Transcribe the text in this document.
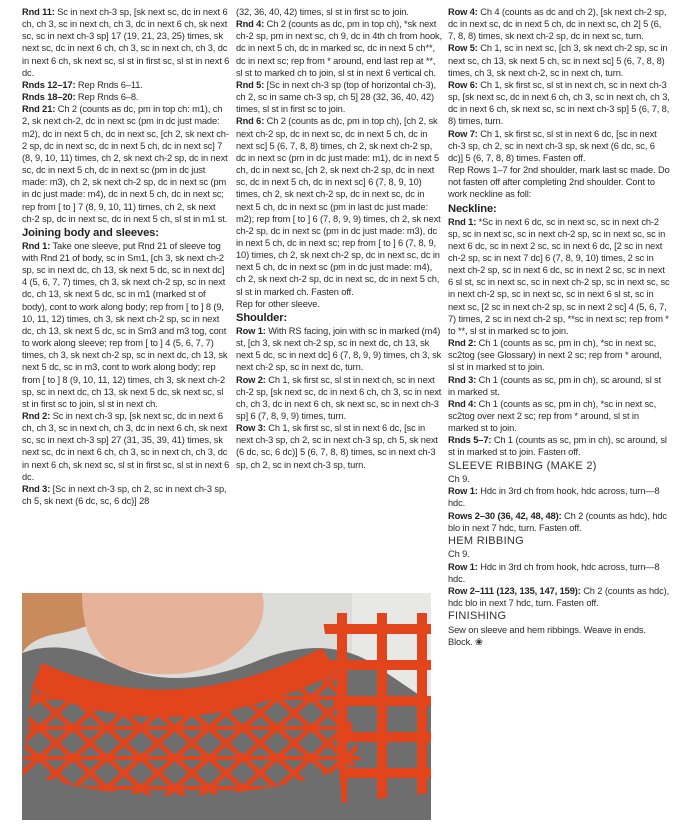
Rnd 11: Sc in next ch-3 sp, [sk next sc, dc in next 6 ch, ch 3, sc in next ch, ch 3, dc in next 6 ch, sk next sc, sc in next ch-3 sp] 17 (19, 21, 23, 25) times, sk next sc, dc in next 6 ch, ch 3, sc in next ch, ch 3, dc in next 6 ch, sk next sc, sl st in first sc, sl st in next 6 dc.

Rnds 12–17: Rep Rnds 6–11.

Rnds 18–20: Rep Rnds 6–8.

Rnd 21: Ch 2 (counts as dc, pm in top ch: m1), ch 2, sk next ch-2, dc in next sc (pm in dc just made: m2), dc in next 5 ch, dc in next sc, [ch 2, sk next ch-2 sp, dc in next sc, dc in next 5 ch, dc in next sc] 7 (8, 9, 10, 11) times, ch 2, sk next ch-2 sp, dc in next sc, dc in next 5 ch, dc in next sc (pm in dc just made: m3), ch 2, sk next ch-2 sp, dc in next sc (pm in dc just made: m4), dc in next 5 ch, dc in next sc; rep from [ to ] 7 (8, 9, 10, 11) times, ch 2, sk next ch-2 sp, dc in next sc, dc in next 5 ch, sl st in m1 st.

Joining body and sleeves:

Rnd 1: Take one sleeve, put Rnd 21 of sleeve tog with Rnd 21 of body, sc in Sm1, [ch 3, sk next ch-2 sp, sc in next dc, ch 13, sk next 5 dc, sc in next dc] 4 (5, 6, 7, 7) times, ch 3, sk next ch-2 sp, sc in next dc, ch 13, sk next 5 dc, sc in m1 (marked st of body), cont to work along body; rep from [ to ] 8 (9, 10, 11, 12) times, ch 3, sk next ch-2 sp, sc in next dc, ch 13, sk next 5 dc, sc in Sm3 and m3 tog, cont to work along sleeve; rep from [ to ] 4 (5, 6, 7, 7) times, ch 3, sk next ch-2 sp, sc in next dc, ch 13, sk next 5 dc, sc in m3, cont to work along body; rep from [ to ] 8 (9, 10, 11, 12) times, ch 3, sk next ch-2 sp, sc in next dc, ch 13, sk next 5 dc, sk next sc, sl st in first sc to join, sl st in next ch.

Rnd 2: Sc in next ch-3 sp, [sk next sc, dc in next 6 ch, ch 3, sc in next ch, ch 3, dc in next 6 ch, sk next sc, sc in next ch-3 sp] 27 (31, 35, 39, 41) times, sk next sc, dc in next 6 ch, ch 3, sc in next ch, ch 3, dc in next 6 ch, sk next sc, sl st in first sc, sl st in next 6 dc.

Rnd 3: [Sc in next ch-3 sp, ch 2, sc in next ch-3 sp, ch 5, sk next (6 dc, sc, 6 dc)] 28

(32, 36, 40, 42) times, sl st in first sc to join.

Rnd 4: Ch 2 (counts as dc, pm in top ch), *sk next ch-2 sp, pm in next sc, ch 9, dc in 4th ch from hook, dc in next 5 ch, dc in marked sc, dc in next 5 ch**, dc in next sc; rep from * around, end last rep at **, sl st to marked ch to join, sl st in next 6 vertical ch.

Rnd 5: [Sc in next ch-3 sp (top of horizontal ch-3), ch 2, sc in same ch-3 sp, ch 5] 28 (32, 36, 40, 42) times, sl st in first sc to join.

Rnd 6: Ch 2 (counts as dc, pm in top ch), [ch 2, sk next ch-2 sp, dc in next sc, dc in next 5 ch, dc in next sc] 5 (6, 7, 8, 8) times, ch 2, sk next ch-2 sp, dc in next sc (pm in dc just made: m1), dc in next 5 ch, dc in next sc, [ch 2, sk next ch-2 sp, dc in next sc, dc in next 5 ch, dc in next sc] 6 (7, 8, 9, 10) times, ch 2, sk next ch-2 sp, dc in next sc, dc in next 5 ch, dc in next sc (pm in last dc just made: m2); rep from [ to ] 6 (7, 8, 9, 9) times, ch 2, sk next ch-2 sp, dc in next sc (pm in dc just made: m3), dc in next 5 ch, dc in next sc; rep from [ to ] 6 (7, 8, 9, 10) times, ch 2, sk next ch-2 sp, dc in next sc, dc in next 5 ch, dc in next sc (pm in dc just made: m4), ch 2, sk next ch-2 sp, dc in next sc, dc in next 5 ch, sl st in marked ch. Fasten off.

Rep for other sleeve.

Shoulder:

Row 1: With RS facing, join with sc in marked (m4) st, [ch 3, sk next ch-2 sp, sc in next dc, ch 13, sk next 5 dc, sc in next dc] 6 (7, 8, 9, 9) times, ch 3, sk next ch-2 sp, sc in next dc, turn.

Row 2: Ch 1, sk first sc, sl st in next ch, sc in next ch-2 sp, [sk next sc, dc in next 6 ch, ch 3, sc in next ch, ch 3, dc in next 6 ch, sk next sc, sc in next ch-3 sp] 6 (7, 8, 9, 9) times, turn.

Row 3: Ch 1, sk first sc, sl st in next 6 dc, [sc in next ch-3 sp, ch 2, sc in next ch-3 sp, ch 5, sk next (6 dc, sc, 6 dc)] 5 (6, 7, 8, 8) times, sc in next ch-3 sp, ch 2, sc in next ch-3 sp, turn.

Row 4: Ch 4 (counts as dc and ch 2), [sk next ch-2 sp, dc in next sc, dc in next 5 ch, dc in next sc, ch 2] 5 (6, 7, 8, 8) times, sk next ch-2 sp, dc in next sc, turn.

Row 5: Ch 1, sc in next sc, [ch 3, sk next ch-2 sp, sc in next sc, ch 13, sk next 5 ch, sc in next sc] 5 (6, 7, 8, 8) times, ch 3, sk next ch-2, sc in next ch, turn.

Row 6: Ch 1, sk first sc, sl st in next ch, sc in next ch-3 sp, [sk next sc, dc in next 6 ch, ch 3, sc in next ch, ch 3, dc in next 6 ch, sk next sc, sc in next ch-3 sp] 5 (6, 7, 8, 8) times, turn.

Row 7: Ch 1, sk first sc, sl st in next 6 dc, [sc in next ch-3 sp, ch 2, sc in next ch-3 sp, sk next (6 dc, sc, 6 dc)] 5 (6, 7, 8, 8) times. Fasten off.

Rep Rows 1–7 for 2nd shoulder, mark last sc made. Do not fasten off after completing 2nd shoulder. Cont to work neckline as foll:

Neckline:

Rnd 1: *Sc in next 6 dc, sc in next sc, sc in next ch-2 sp, sc in next sc, sc in next ch-2 sp, sc in next sc, sc in next 6 dc, sc in next 2 sc, sc in next 6 dc, [2 sc in next ch-2 sp, sc in next 7 dc] 6 (7, 8, 9, 10) times, 2 sc in next ch-2 sp, sc in next 6 dc, sc in next 2 sc, sc in next 6 sl st, sc in next sc, sc in next ch-2 sp, sc in next sc, sc in next ch-2 sp, sc in next sc, sc in next 6 sl st, sc in next sc, [2 sc in next ch-2 sp, sc in next 2 sc] 4 (5, 6, 7, 7) times, 2 sc in next ch-2 sp, **sc in next sc; rep from * to **, sl st in marked sc to join.

Rnd 2: Ch 1 (counts as sc, pm in ch), *sc in next sc, sc2tog (see Glossary) in next 2 sc; rep from * around, sl st in marked st to join.

Rnd 3: Ch 1 (counts as sc, pm in ch), sc around, sl st in marked st.

Rnd 4: Ch 1 (counts as sc, pm in ch), *sc in next sc, sc2tog over next 2 sc; rep from * around, sl st in marked st to join.

Rnds 5–7: Ch 1 (counts as sc, pm in ch), sc around, sl st in marked st to join. Fasten off.

SLEEVE RIBBING (MAKE 2)

Ch 9.

Row 1: Hdc in 3rd ch from hook, hdc across, turn—8 hdc.

Rows 2–30 (36, 42, 48, 48): Ch 2 (counts as hdc), hdc blo in next 7 hdc, turn. Fasten off.

HEM RIBBING

Ch 9.

Row 1: Hdc in 3rd ch from hook, hdc across, turn—8 hdc.

Row 2–111 (123, 135, 147, 159): Ch 2 (counts as hdc), hdc blo in next 7 hdc, turn. Fasten off.

FINISHING

Sew on sleeve and hem ribbings. Weave in ends. Block. ❀
